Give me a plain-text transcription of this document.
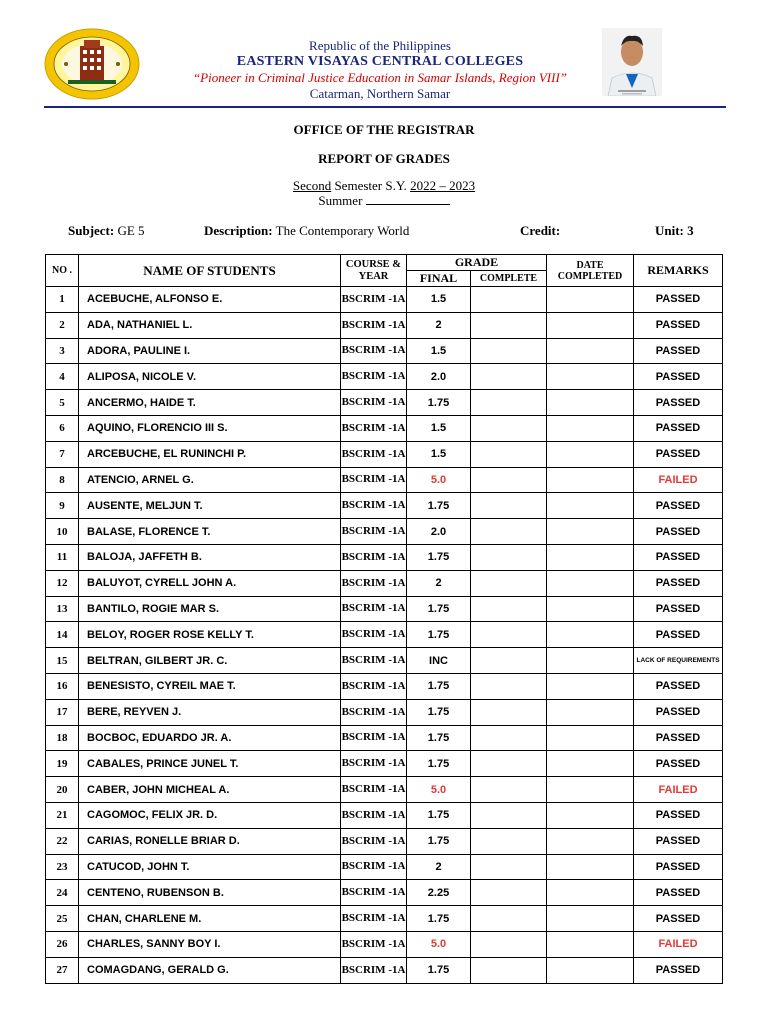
Republic of the Philippines
EASTERN VISAYAS CENTRAL COLLEGES
“Pioneer in Criminal Justice Education in Samar Islands, Region VIII”
Catarman, Northern Samar
OFFICE OF THE REGISTRAR
REPORT OF GRADES
Second Semester S.Y. 2022 – 2023
Summer
Subject: GE 5	Description: The Contemporary World	Credit:	Unit: 3
NO .	NAME OF STUDENTS	COURSE & YEAR	GRADE		DATE COMPLETED	REMARKS
			FINAL	COMPLETE		
1	ACEBUCHE, ALFONSO E.	BSCRIM -1A	1.5			PASSED
2	ADA, NATHANIEL L.	BSCRIM -1A	2			PASSED
3	ADORA, PAULINE I.	BSCRIM -1A	1.5			PASSED
4	ALIPOSA, NICOLE V.	BSCRIM -1A	2.0			PASSED
5	ANCERMO, HAIDE T.	BSCRIM -1A	1.75			PASSED
6	AQUINO, FLORENCIO III S.	BSCRIM -1A	1.5			PASSED
7	ARCEBUCHE, EL RUNINCHI P.	BSCRIM -1A	1.5			PASSED
8	ATENCIO, ARNEL G.	BSCRIM -1A	5.0			FAILED
9	AUSENTE, MELJUN T.	BSCRIM -1A	1.75			PASSED
10	BALASE, FLORENCE T.	BSCRIM -1A	2.0			PASSED
11	BALOJA, JAFFETH B.	BSCRIM -1A	1.75			PASSED
12	BALUYOT, CYRELL JOHN A.	BSCRIM -1A	2			PASSED
13	BANTILO, ROGIE MAR S.	BSCRIM -1A	1.75			PASSED
14	BELOY, ROGER ROSE KELLY T.	BSCRIM -1A	1.75			PASSED
15	BELTRAN, GILBERT JR. C.	BSCRIM -1A	INC			LACK OF REQUIREMENTS
16	BENESISTO, CYREIL MAE T.	BSCRIM -1A	1.75			PASSED
17	BERE, REYVEN J.	BSCRIM -1A	1.75			PASSED
18	BOCBOC, EDUARDO JR. A.	BSCRIM -1A	1.75			PASSED
19	CABALES, PRINCE JUNEL T.	BSCRIM -1A	1.75			PASSED
20	CABER, JOHN MICHEAL A.	BSCRIM -1A	5.0			FAILED
21	CAGOMOC, FELIX JR. D.	BSCRIM -1A	1.75			PASSED
22	CARIAS, RONELLE BRIAR D.	BSCRIM -1A	1.75			PASSED
23	CATUCOD, JOHN T.	BSCRIM -1A	2			PASSED
24	CENTENO, RUBENSON B.	BSCRIM -1A	2.25			PASSED
25	CHAN, CHARLENE M.	BSCRIM -1A	1.75			PASSED
26	CHARLES, SANNY BOY I.	BSCRIM -1A	5.0			FAILED
27	COMAGDANG, GERALD G.	BSCRIM -1A	1.75			PASSED
